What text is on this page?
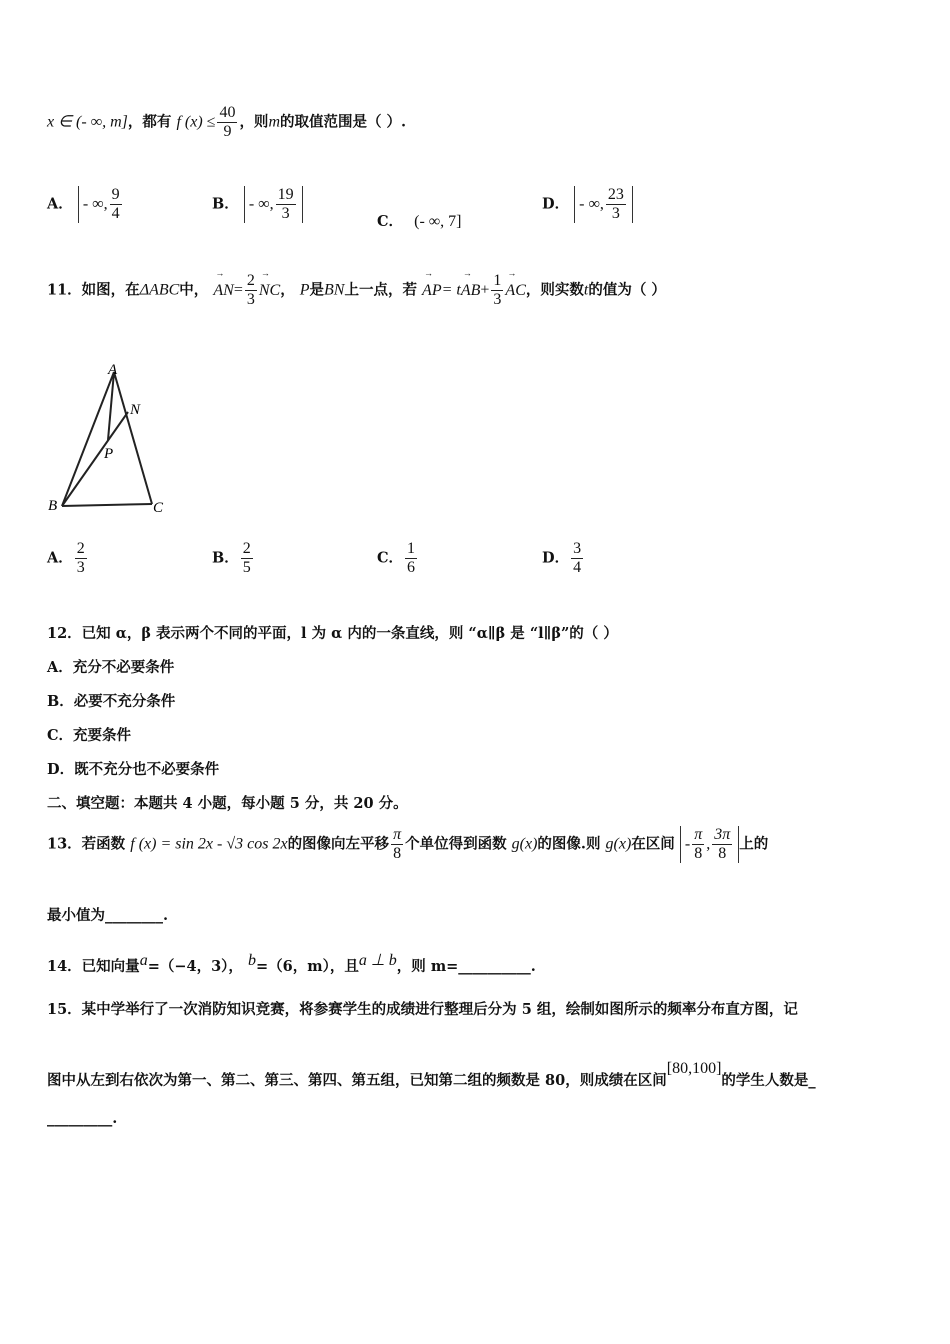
x ∈ (- ∞, m]，都有 f $(x) \le \frac{40}{9}$ ，则m的取值范围是（ ）.
A． - ∞, $\frac{9}{4}$	B． - ∞, $\frac{19}{3}$	C． (- ∞, 7]
D． - ∞, $\frac{23}{3}$
11．如图，在ΔABC中， → $AN= \frac{2}{3}$ → NC， P是BN上一点，若 → $AP= t\to AB+ \frac{1}{3}$ → AC，则实数t的值为（ ）
A
N
P
B	C
A． $\frac{2}{3}$	B． $\frac{2}{5}$	C． $\frac{1}{6}$	D． $\frac{3}{4}$
12．已知 α，β 表示两个不同的平面，l 为 α 内的一条直线，则 “α∥β 是 “l∥β”的（ ）
A．充分不必要条件
B．必要不充分条件
C．充要条件
D．既不充分也不必要条件
二、填空题：本题共 4 小题，每小题 5 分，共 20 分。
13．若函数 f (x) = sin 2x - √3 cos 2x的图像向左平移 $\frac{\pi}{8}$ 个单位得到函数 g(x)的图像.则 g(x)在区间 - $\frac{\pi}{8}$ , $\frac{3\pi}{8}$ 上的
最小值为________.
14．已知向量a=（−4，3）， b=（6，m），且a ⊥ b，则 m=__________.
15．某中学举行了一次消防知识竞赛，将参赛学生的成绩进行整理后分为 5 组，绘制如图所示的频率分布直方图，记
图中从左到右依次为第一、第二、第三、第四、第五组，已知第二组的频数是 80，则成绩在区间[80,100]的学生人数是_
_________.
